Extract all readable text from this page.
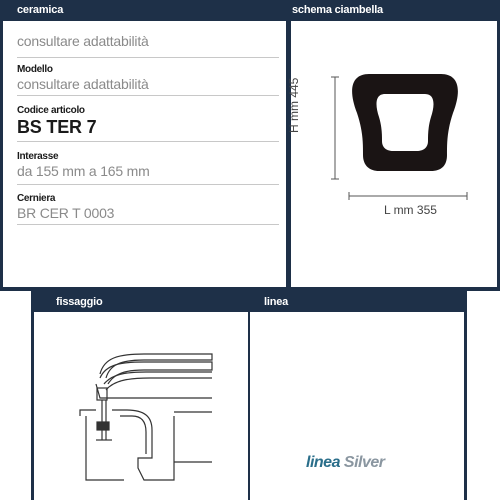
ceramica
consultare adattabilità
Modello
consultare adattabilità
Codice articolo
BS TER 7
Interasse
da 155 mm a 165 mm
Cerniera
BR CER T 0003
schema ciambella
H mm 445
L mm 355
fissaggio	linea
linea Silver
